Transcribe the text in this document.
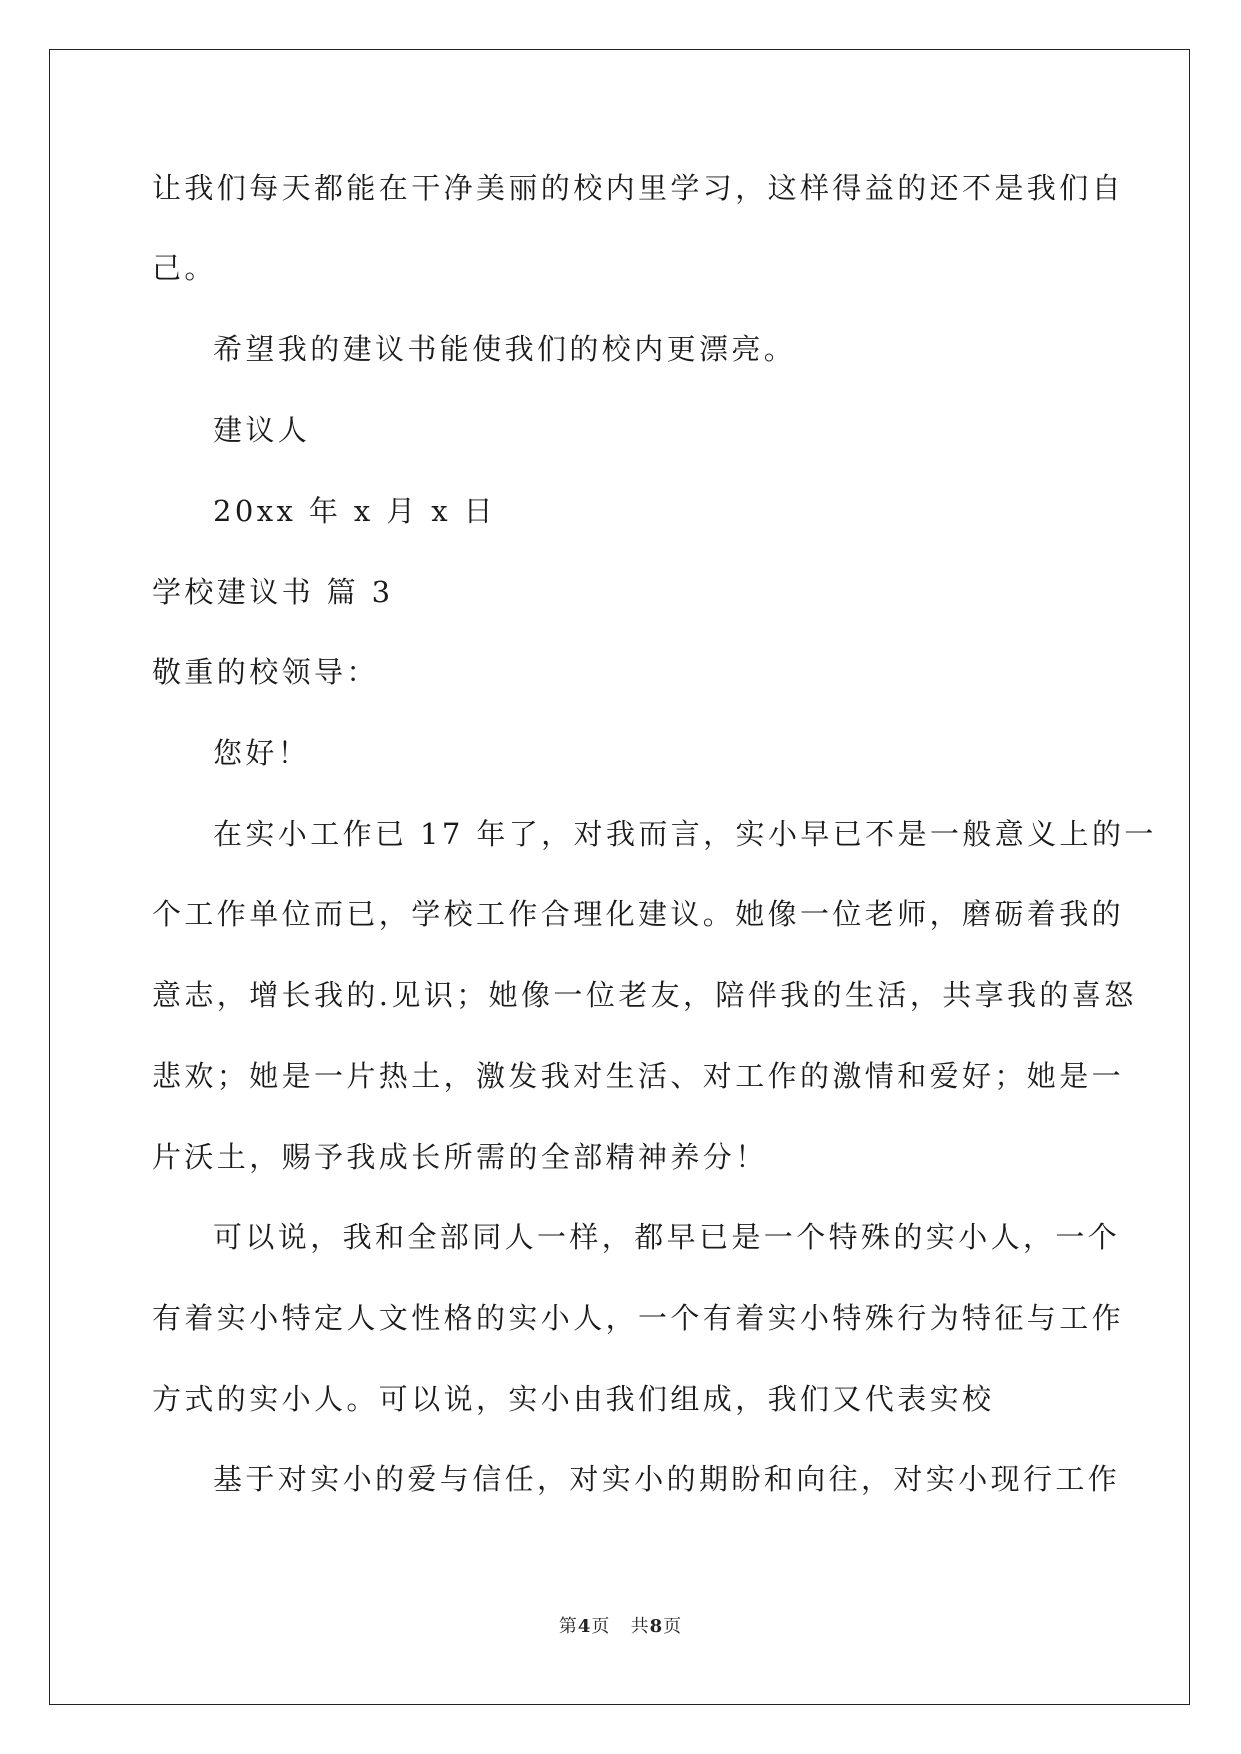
让我们每天都能在干净美丽的校内里学习，这样得益的还不是我们自
己。
希望我的建议书能使我们的校内更漂亮。
建议人
20xx 年 x 月 x 日
学校建议书 篇 3
敬重的校领导：
您好！
在实小工作已 17 年了，对我而言，实小早已不是一般意义上的一
个工作单位而已，学校工作合理化建议。她像一位老师，磨砺着我的
意志，增长我的.见识；她像一位老友，陪伴我的生活，共享我的喜怒
悲欢；她是一片热土，激发我对生活、对工作的激情和爱好；她是一
片沃土，赐予我成长所需的全部精神养分！
可以说，我和全部同人一样，都早已是一个特殊的实小人，一个
有着实小特定人文性格的实小人，一个有着实小特殊行为特征与工作
方式的实小人。可以说，实小由我们组成，我们又代表实校
基于对实小的爱与信任，对实小的期盼和向往，对实小现行工作
第4页 共8页
